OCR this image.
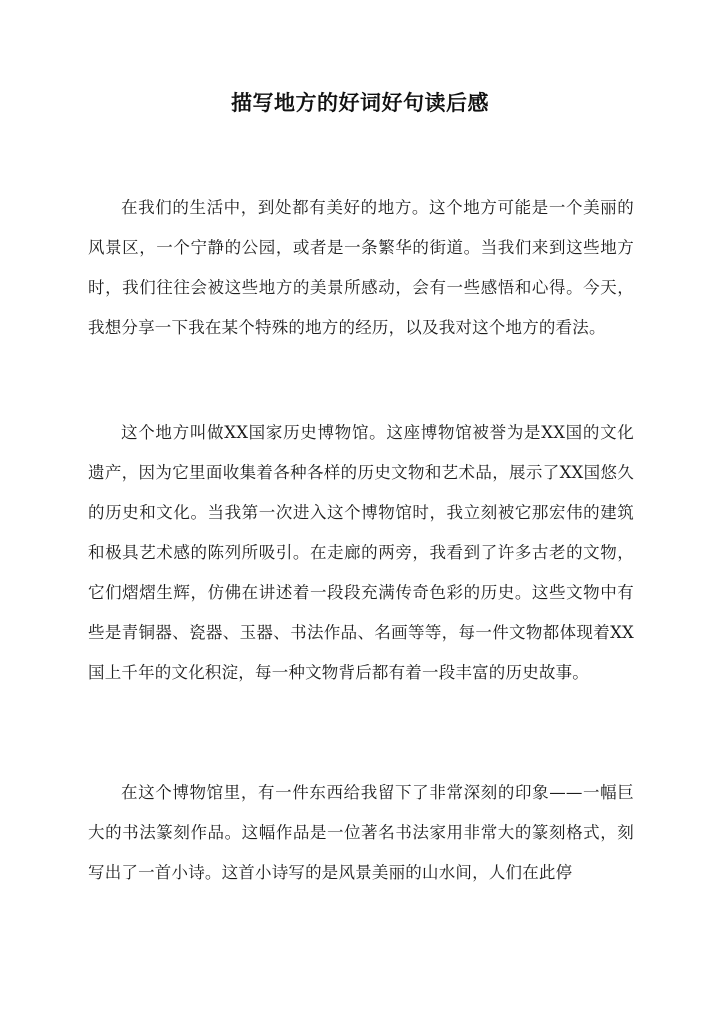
描写地方的好词好句读后感

在我们的生活中，到处都有美好的地方。这个地方可能是一个美丽的风景区，一个宁静的公园，或者是一条繁华的街道。当我们来到这些地方时，我们往往会被这些地方的美景所感动，会有一些感悟和心得。今天，我想分享一下我在某个特殊的地方的经历，以及我对这个地方的看法。

这个地方叫做XX国家历史博物馆。这座博物馆被誉为是XX国的文化遗产，因为它里面收集着各种各样的历史文物和艺术品，展示了XX国悠久的历史和文化。当我第一次进入这个博物馆时，我立刻被它那宏伟的建筑和极具艺术感的陈列所吸引。在走廊的两旁，我看到了许多古老的文物，它们熠熠生辉，仿佛在讲述着一段段充满传奇色彩的历史。这些文物中有些是青铜器、瓷器、玉器、书法作品、名画等等，每一件文物都体现着XX国上千年的文化积淀，每一种文物背后都有着一段丰富的历史故事。

在这个博物馆里，有一件东西给我留下了非常深刻的印象——一幅巨大的书法篆刻作品。这幅作品是一位著名书法家用非常大的篆刻格式，刻写出了一首小诗。这首小诗写的是风景美丽的山水间，人们在此停
